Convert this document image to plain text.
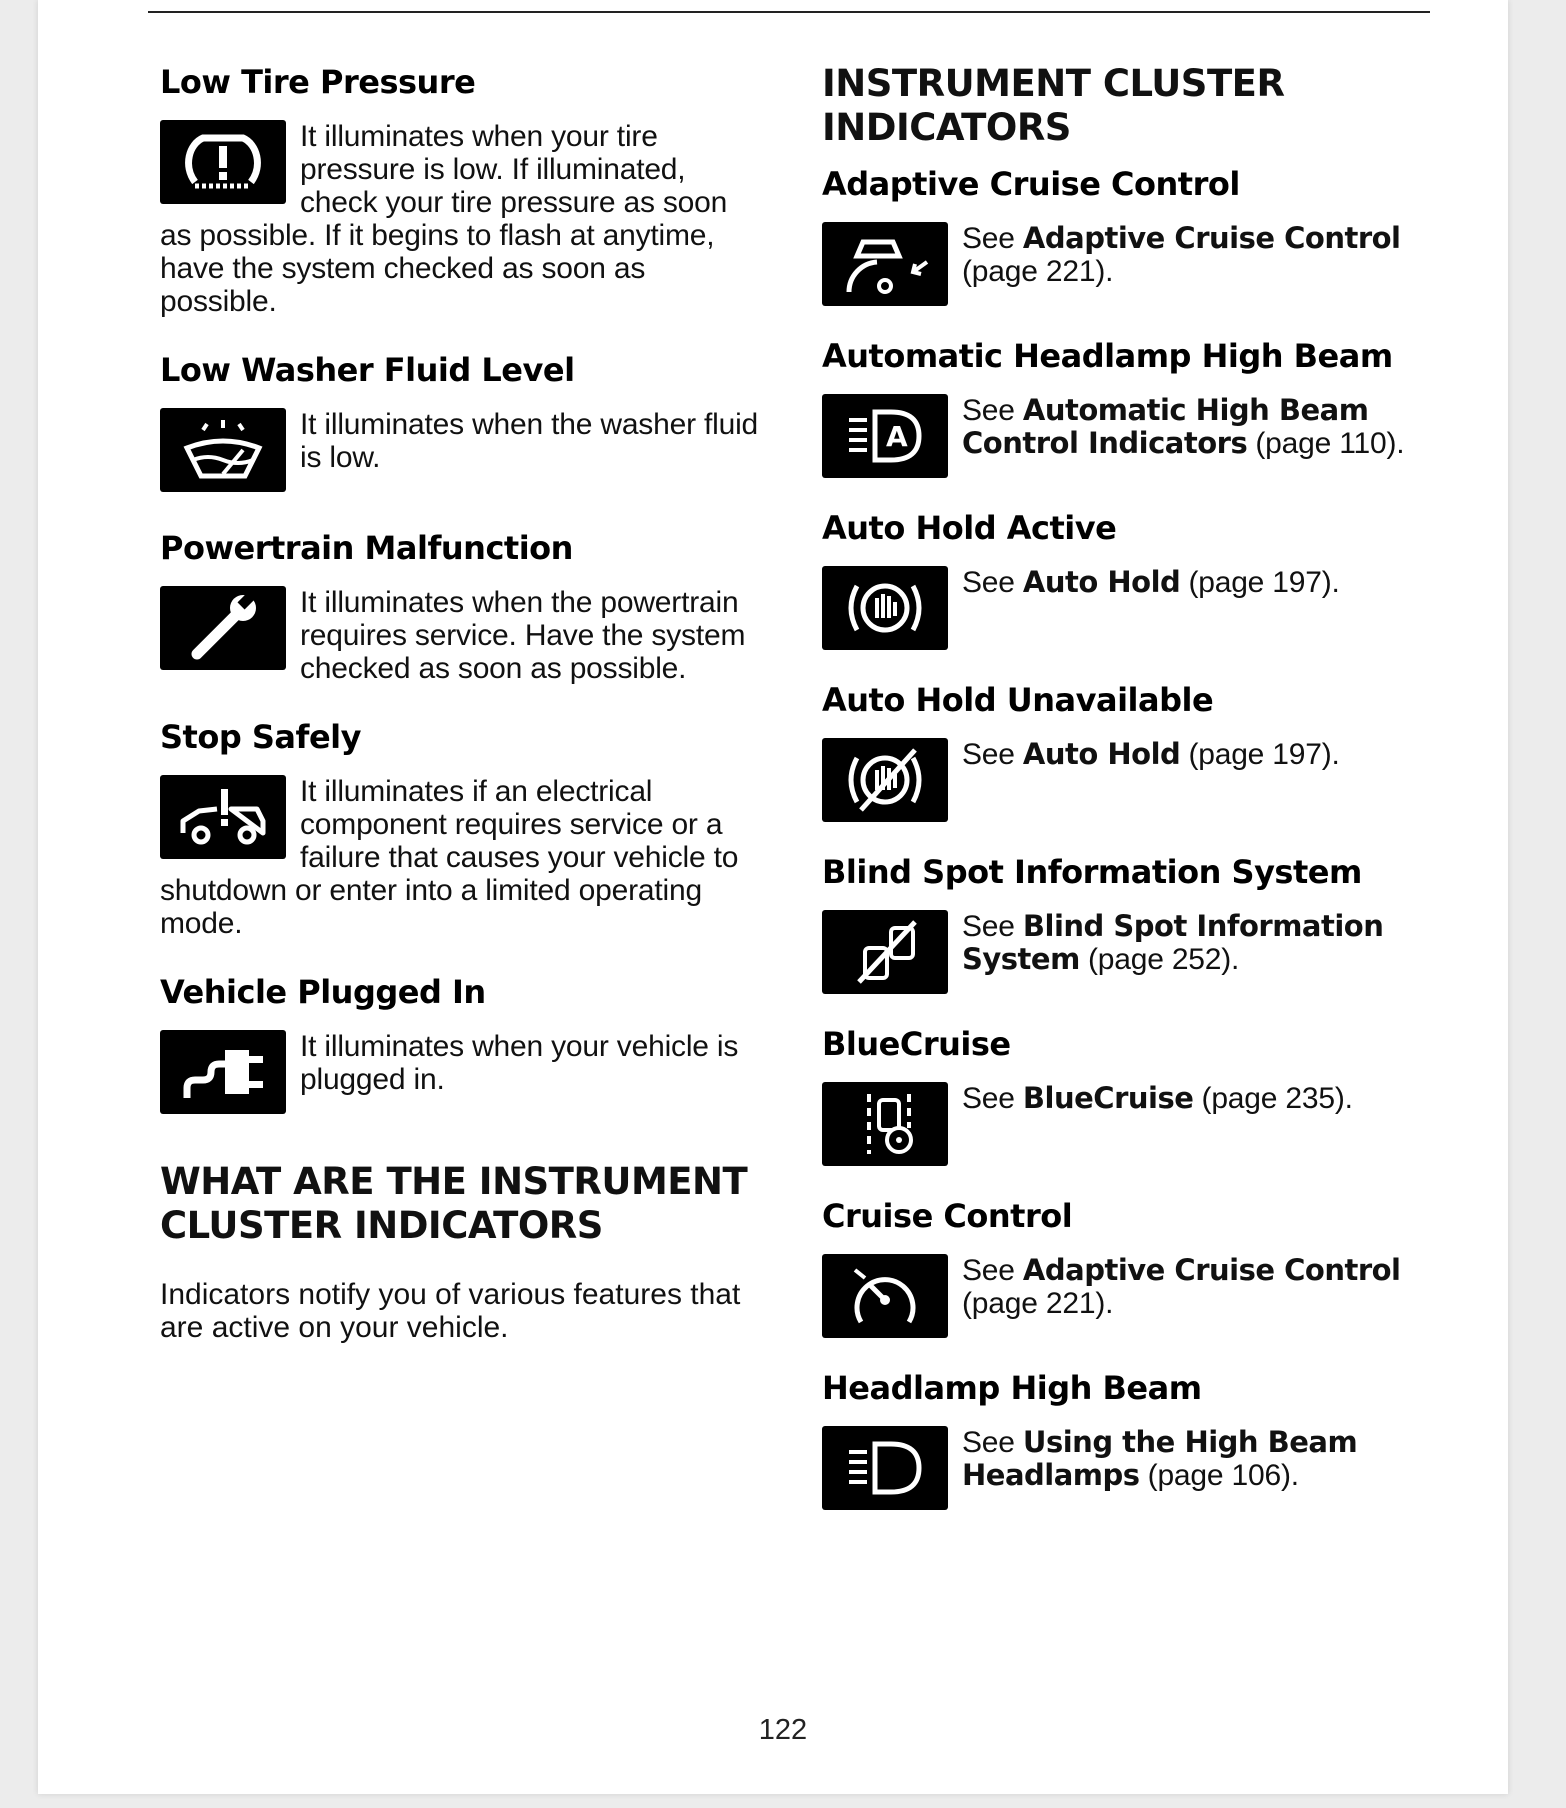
Low Tire Pressure

It illuminates when your tire pressure is low. If illuminated, check your tire pressure as soon as possible. If it begins to flash at anytime, have the system checked as soon as possible.

Low Washer Fluid Level

It illuminates when the washer fluid is low.

Powertrain Malfunction

It illuminates when the powertrain requires service. Have the system checked as soon as possible.

Stop Safely

It illuminates if an electrical component requires service or a failure that causes your vehicle to shutdown or enter into a limited operating mode.

Vehicle Plugged In

It illuminates when your vehicle is plugged in.

WHAT ARE THE INSTRUMENT CLUSTER INDICATORS

Indicators notify you of various features that are active on your vehicle.

INSTRUMENT CLUSTER INDICATORS
Adaptive Cruise Control

See Adaptive Cruise Control (page 221).

Automatic Headlamp High Beam
A

See Automatic High Beam Control Indicators (page 110).

Auto Hold Active

See Auto Hold (page 197).

Auto Hold Unavailable

See Auto Hold (page 197).

Blind Spot Information System

See Blind Spot Information System (page 252).

BlueCruise

See BlueCruise (page 235).

Cruise Control

See Adaptive Cruise Control (page 221).

Headlamp High Beam

See Using the High Beam Headlamps (page 106).

122
